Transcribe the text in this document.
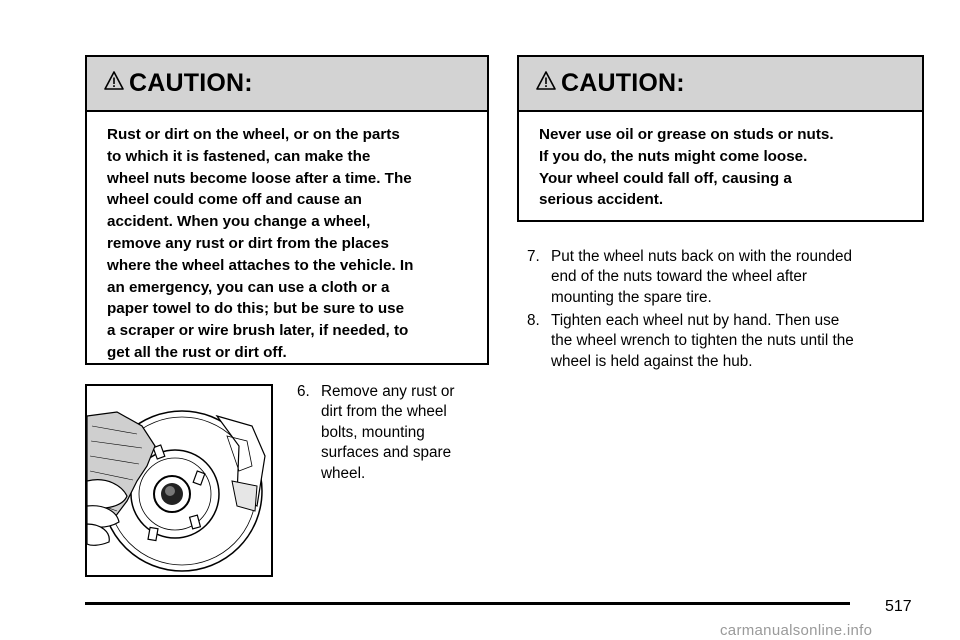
CAUTION:
Rust or dirt on the wheel, or on the parts
to which it is fastened, can make the
wheel nuts become loose after a time. The
wheel could come off and cause an
accident. When you change a wheel,
remove any rust or dirt from the places
where the wheel attaches to the vehicle. In
an emergency, you can use a cloth or a
paper towel to do this; but be sure to use
a scraper or wire brush later, if needed, to
get all the rust or dirt off.
CAUTION:
Never use oil or grease on studs or nuts.
If you do, the nuts might come loose.
Your wheel could fall off, causing a
serious accident.
6. Remove any rust or
dirt from the wheel
bolts, mounting
surfaces and spare
wheel.
7. Put the wheel nuts back on with the rounded
end of the nuts toward the wheel after
mounting the spare tire.
8. Tighten each wheel nut by hand. Then use
the wheel wrench to tighten the nuts until the
wheel is held against the hub.
517
carmanualsonline.info
